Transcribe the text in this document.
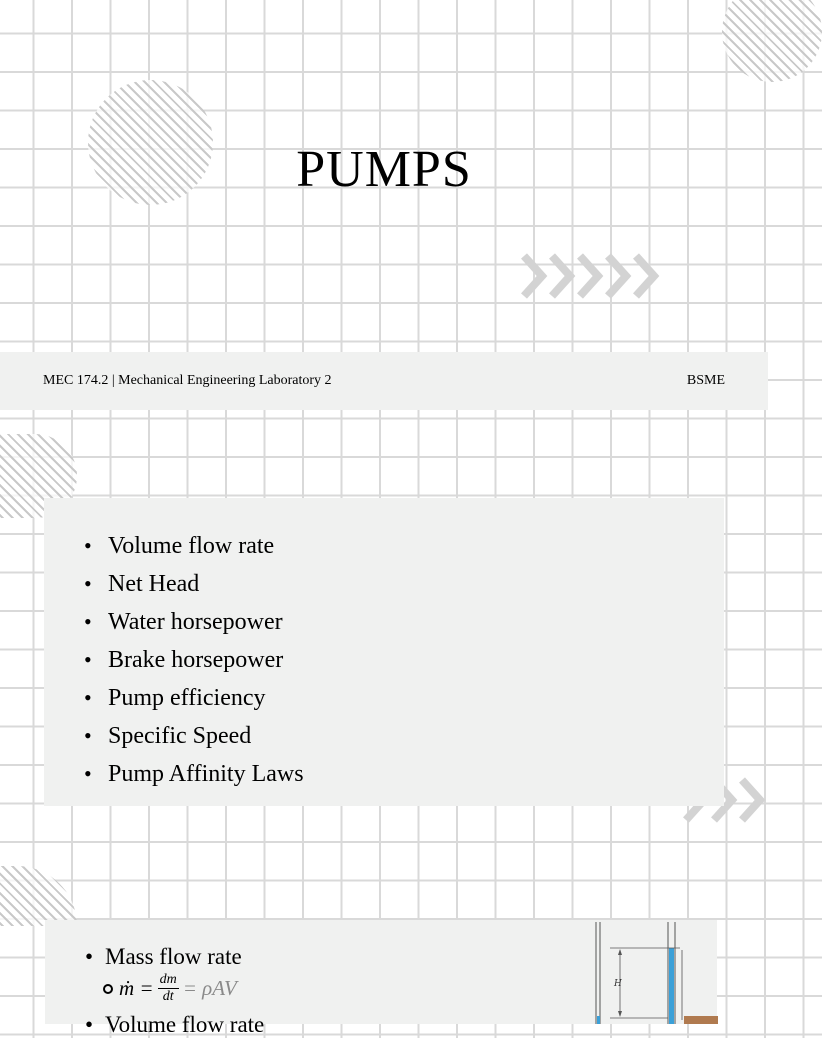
PUMPS
MEC 174.2 | Mechanical Engineering Laboratory 2	BSME
• Volume flow rate
• Net Head
• Water horsepower
• Brake horsepower
• Pump efficiency
• Specific Speed
• Pump Affinity Laws
• Mass flow rate
ṁ = $\frac{dm}{dt} = \rho AV$
• Volume flow rate
H
